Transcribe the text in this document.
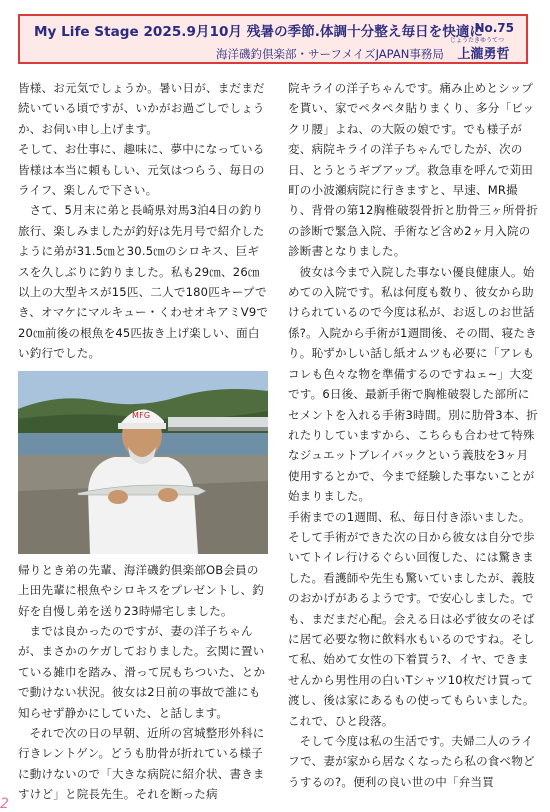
My Life Stage 2025.9月10月 残暑の季節.体調十分整え毎日を快適に
No.75
じょうたきゆうてつ
海洋磯釣倶楽部・サーフメイズJAPAN事務局 上瀧勇哲

皆様、お元気でしょうか。暑い日が、まだまだ続いている頃ですが、いかがお過ごしでしょうか、お伺い申し上げます。

そして、お仕事に、趣味に、夢中になっている皆様は本当に頼もしい、元気はつらう、毎日のライフ、楽しんで下さい。

さて、5月末に弟と長崎県対馬3泊4日の釣り旅行、楽しみましたが釣好は先月号で紹介したように弟が31.5㎝と30.5㎝のシロキス、巨ギスを久しぶりに釣りました。私も29㎝、26㎝以上の大型キスが15匹、二人で180匹キープでき、オマケにマルキュー・くわせオキアミV9で20㎝前後の根魚を45匹抜き上げ楽しい、面白い釣行でした。

MFG

帰りとき弟の先輩、海洋磯釣倶楽部OB会員の上田先輩に根魚やシロキスをプレゼントし、釣好を自慢し弟を送り23時帰宅しました。

までは良かったのですが、妻の洋子ちゃんが、まさかのケガしておりました。玄関に置いている雑巾を踏み、滑って尻もちついた、とかで動けない状況。彼女は2日前の事故で誰にも知らせず静かにしていた、と話します。

それで次の日の早朝、近所の宮城整形外科に行きレントゲン。どうも肋骨が折れている様子に動けないので「大きな病院に紹介状、書きますけど」と院長先生。それを断った病

院キライの洋子ちゃんです。痛み止めとシップを貰い、家でペタペタ貼りまくり、多分「ビックリ腰」よね、の大阪の娘です。でも様子が変、病院キライの洋子ちゃんでしたが、次の日、とうとうギブアップ。救急車を呼んで苅田町の小波瀬病院に行きますと、早速、MR撮り、背骨の第12胸椎破裂骨折と肋骨三ヶ所骨折の診断で緊急入院、手術など含め2ヶ月入院の診断書となりました。

彼女は今まで入院した事ない優良健康人。始めての入院です。私は何度も数り、彼女から助けられているので今度は私が、お返しのお世話係?。入院から手術が1週間後、その間、寝たきり。恥ずかしい話し紙オムツも必要に「アレもコレも色々な物を準備するのですねェ~」大変です。6日後、最新手術で胸椎破裂した部所にセメントを入れる手術3時間。別に肋骨3本、折れたりしていますから、こちらも合わせて特殊なジュエットブレイバックという義肢を3ヶ月使用するとかで、今まで経験した事ないことが始まりました。

手術までの1週間、私、毎日付き添いました。そして手術ができた次の日から彼女は自分で歩いてトイレ行けるぐらい回復した、には驚きました。看護師や先生も驚いていましたが、義肢のおかげがあるようです。で安心しました。でも、まだまだ心配。会える日は必ず彼女のそばに居て必要な物に飲料水もいるのですね。そして私、始めて女性の下着買う?、イヤ、できませんから男性用の白いTシャツ10枚だけ買って渡し、後は家にあるもの使ってもらいました。これで、ひと段落。

そして今度は私の生活です。夫婦二人のライフで、妻が家から居なくなったら私の食べ物どうするの?。便利の良い世の中「弁当買

2
